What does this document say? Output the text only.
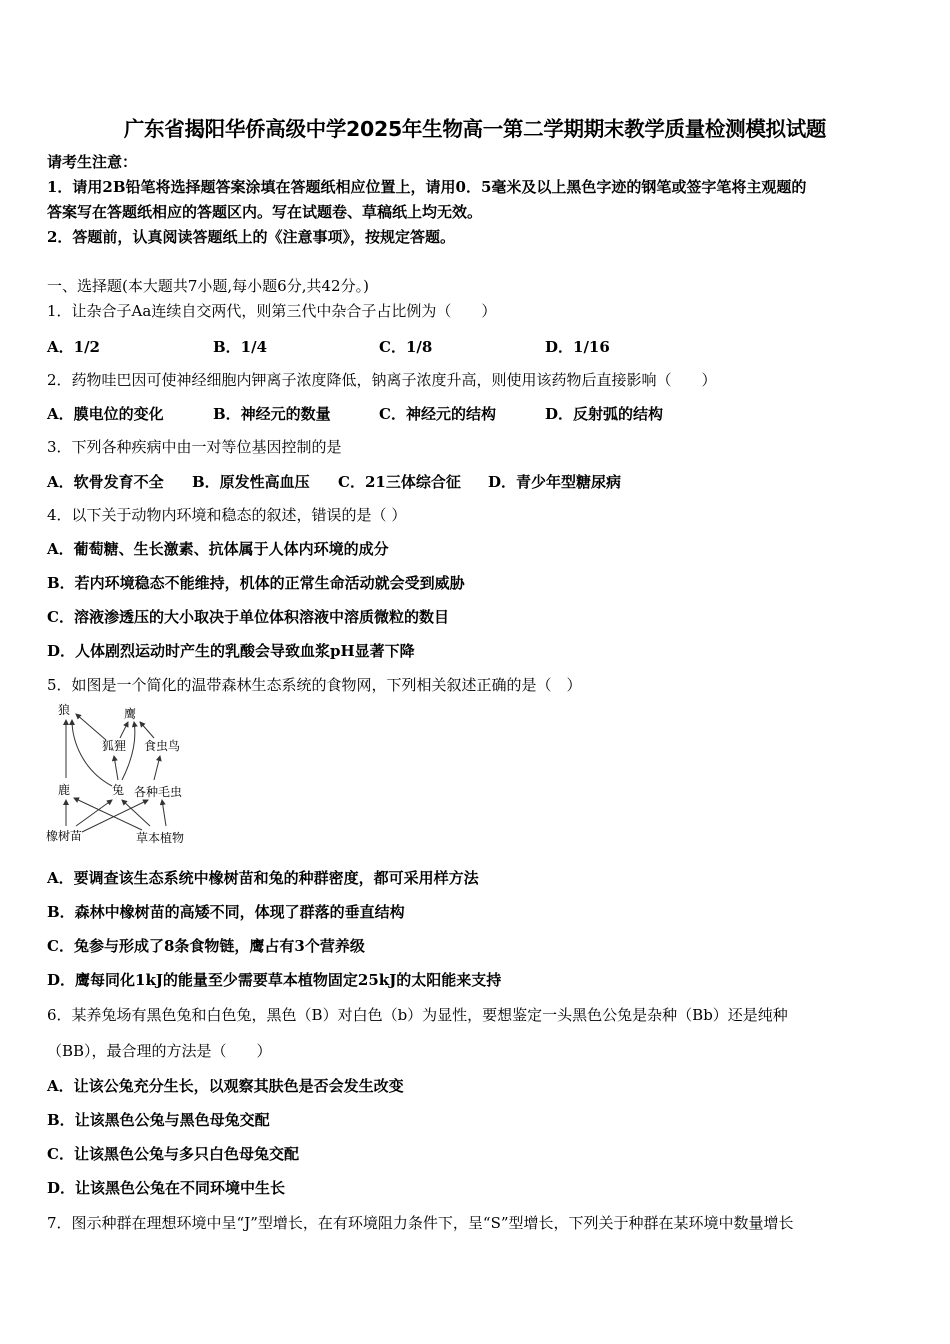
广东省揭阳华侨高级中学2025年生物高一第二学期期末教学质量检测模拟试题
请考生注意：
1．请用2B铅笔将选择题答案涂填在答题纸相应位置上，请用0．5毫米及以上黑色字迹的钢笔或签字笔将主观题的
答案写在答题纸相应的答题区内。写在试题卷、草稿纸上均无效。
2．答题前，认真阅读答题纸上的《注意事项》，按规定答题。
一、选择题(本大题共7小题,每小题6分,共42分。)
1．让杂合子Aa连续自交两代，则第三代中杂合子占比例为（　　）
A．1/2	B．1/4	C．1/8	D．1/16
2．药物哇巴因可使神经细胞内钾离子浓度降低，钠离子浓度升高，则使用该药物后直接影响（　　）
A．膜电位的变化	B．神经元的数量	C．神经元的结构	D．反射弧的结构
3．下列各种疾病中由一对等位基因控制的是
A．软骨发育不全 B．原发性高血压 C．21三体综合征 D．青少年型糖尿病
4．以下关于动物内环境和稳态的叙述，错误的是（ ）
A．葡萄糖、生长激素、抗体属于人体内环境的成分
B．若内环境稳态不能维持，机体的正常生命活动就会受到威胁
C．溶液渗透压的大小取决于单位体积溶液中溶质微粒的数目
D．人体剧烈运动时产生的乳酸会导致血浆pH显著下降
5．如图是一个简化的温带森林生态系统的食物网，下列相关叙述正确的是（　）
狼	鹰
狐狸 食虫鸟
鹿	兔 各种毛虫
橡树苗	草本植物
A．要调查该生态系统中橡树苗和兔的种群密度，都可采用样方法
B．森林中橡树苗的高矮不同，体现了群落的垂直结构
C．兔参与形成了8条食物链，鹰占有3个营养级
D．鹰每同化1kJ的能量至少需要草本植物固定25kJ的太阳能来支持
6．某养兔场有黑色兔和白色兔，黑色（B）对白色（b）为显性，要想鉴定一头黑色公兔是杂种（Bb）还是纯种
（BB），最合理的方法是（　　）
A．让该公兔充分生长，以观察其肤色是否会发生改变
B．让该黑色公兔与黑色母兔交配
C．让该黑色公兔与多只白色母兔交配
D．让该黑色公兔在不同环境中生长
7．图示种群在理想环境中呈“J”型增长，在有环境阻力条件下，呈“S”型增长，下列关于种群在某环境中数量增长
